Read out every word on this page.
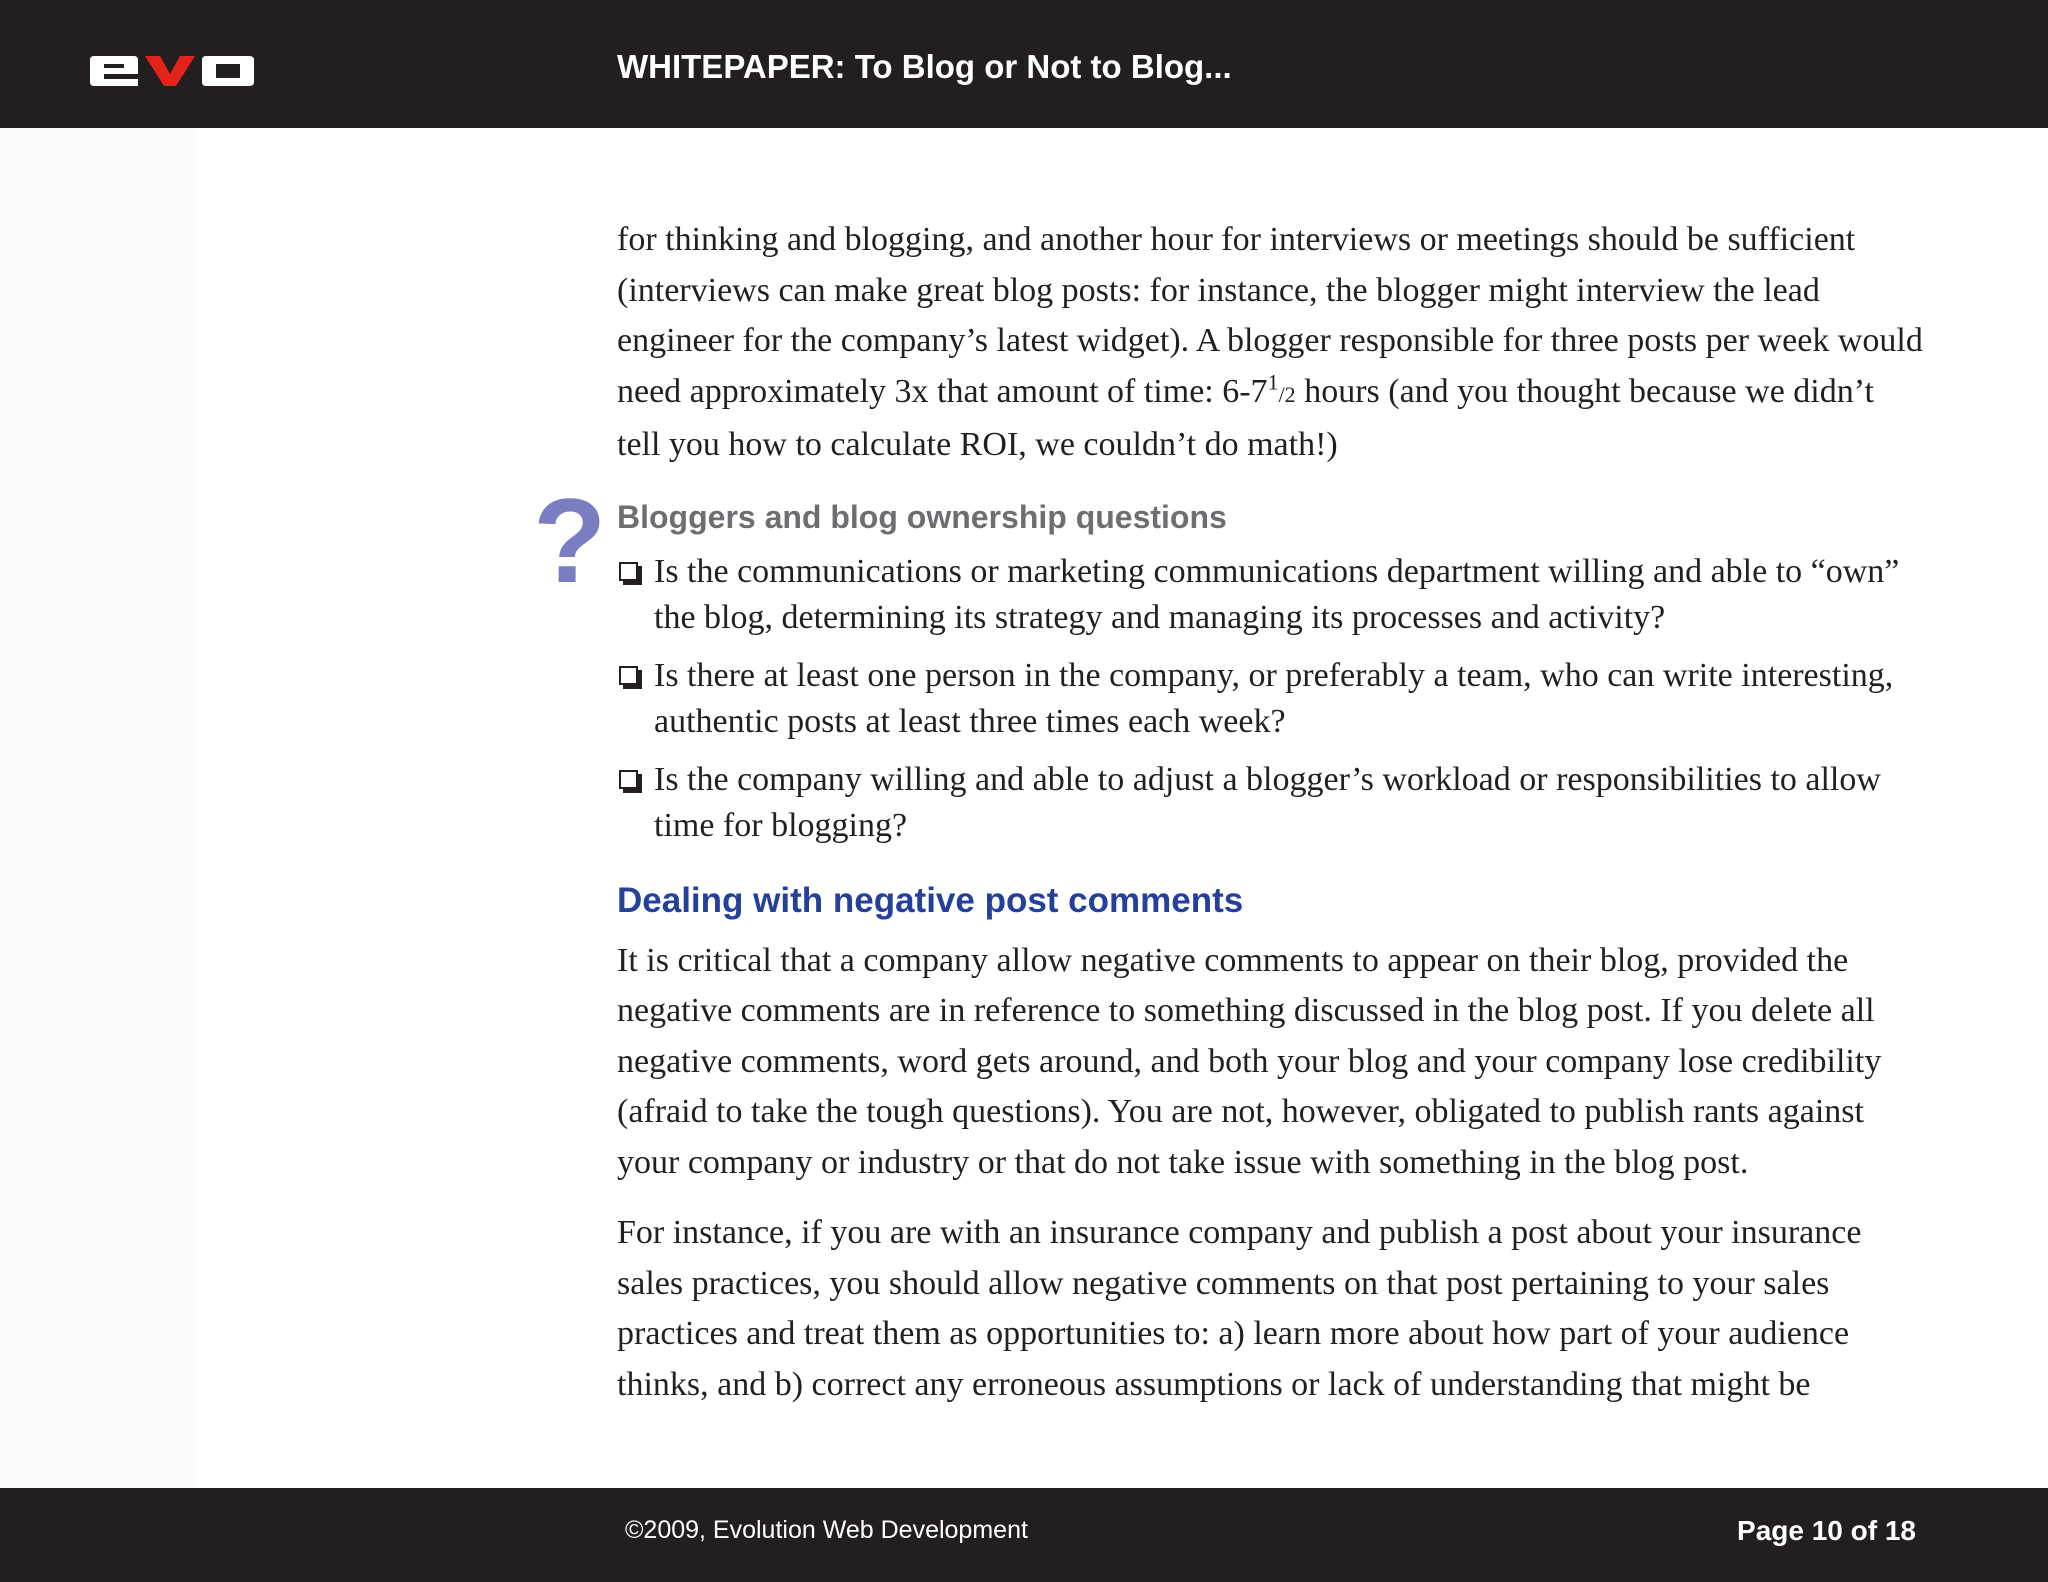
WHITEPAPER: To Blog or Not to Blog...
?

for thinking and blogging, and another hour for interviews or meetings should be sufficient
(interviews can make great blog posts: for instance, the blogger might interview the lead
engineer for the company’s latest widget). A blogger responsible for three posts per week would
need approximately 3x that amount of time: $6-7^1/2$ hours (and you thought because we didn’t
tell you how to calculate ROI, we couldn’t do math!)

Bloggers and blog ownership questions
Is the communications or marketing communications department willing and able to “own”
the blog, determining its strategy and managing its processes and activity?
Is there at least one person in the company, or preferably a team, who can write interesting,
authentic posts at least three times each week?
Is the company willing and able to adjust a blogger’s workload or responsibilities to allow
time for blogging?
Dealing with negative post comments

It is critical that a company allow negative comments to appear on their blog, provided the
negative comments are in reference to something discussed in the blog post. If you delete all
negative comments, word gets around, and both your blog and your company lose credibility
(afraid to take the tough questions). You are not, however, obligated to publish rants against
your company or industry or that do not take issue with something in the blog post.

For instance, if you are with an insurance company and publish a post about your insurance
sales practices, you should allow negative comments on that post pertaining to your sales
practices and treat them as opportunities to: a) learn more about how part of your audience
thinks, and b) correct any erroneous assumptions or lack of understanding that might be

©2009, Evolution Web Development	Page 10 of 18
